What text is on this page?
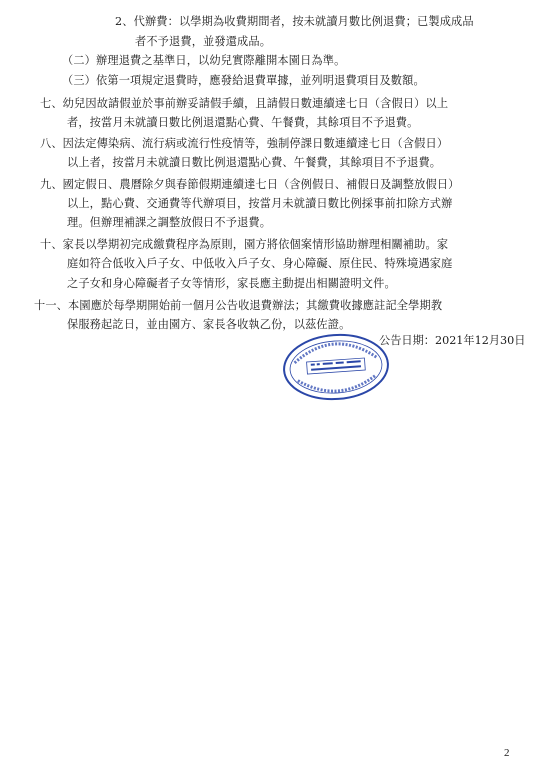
2、代辦費：以學期為收費期間者，按未就讀月數比例退費；已製成成品
者不予退費，並發還成品。
（二）辦理退費之基準日，以幼兒實際離開本園日為準。
（三）依第一項規定退費時，應發給退費單據，並列明退費項目及數額。
七、幼兒因故請假並於事前辦妥請假手續，且請假日數連續達七日（含假日）以上
者，按當月未就讀日數比例退還點心費、午餐費，其餘項目不予退費。
八、因法定傳染病、流行病或流行性疫情等，強制停課日數連續達七日（含假日）
以上者，按當月未就讀日數比例退還點心費、午餐費，其餘項目不予退費。
九、國定假日、農曆除夕與春節假期連續達七日（含例假日、補假日及調整放假日）
以上，點心費、交通費等代辦項目，按當月未就讀日數比例採事前扣除方式辦
理。但辦理補課之調整放假日不予退費。
十、家長以學期初完成繳費程序為原則，園方將依個案情形協助辦理相關補助。家
庭如符合低收入戶子女、中低收入戶子女、身心障礙、原住民、特殊境遇家庭
之子女和身心障礙者子女等情形，家長應主動提出相關證明文件。
十一、本園應於每學期開始前一個月公告收退費辦法；其繳費收據應註記全學期教
保服務起訖日，並由園方、家長各收執乙份，以茲佐證。
公告日期：2021年12月30日
2
